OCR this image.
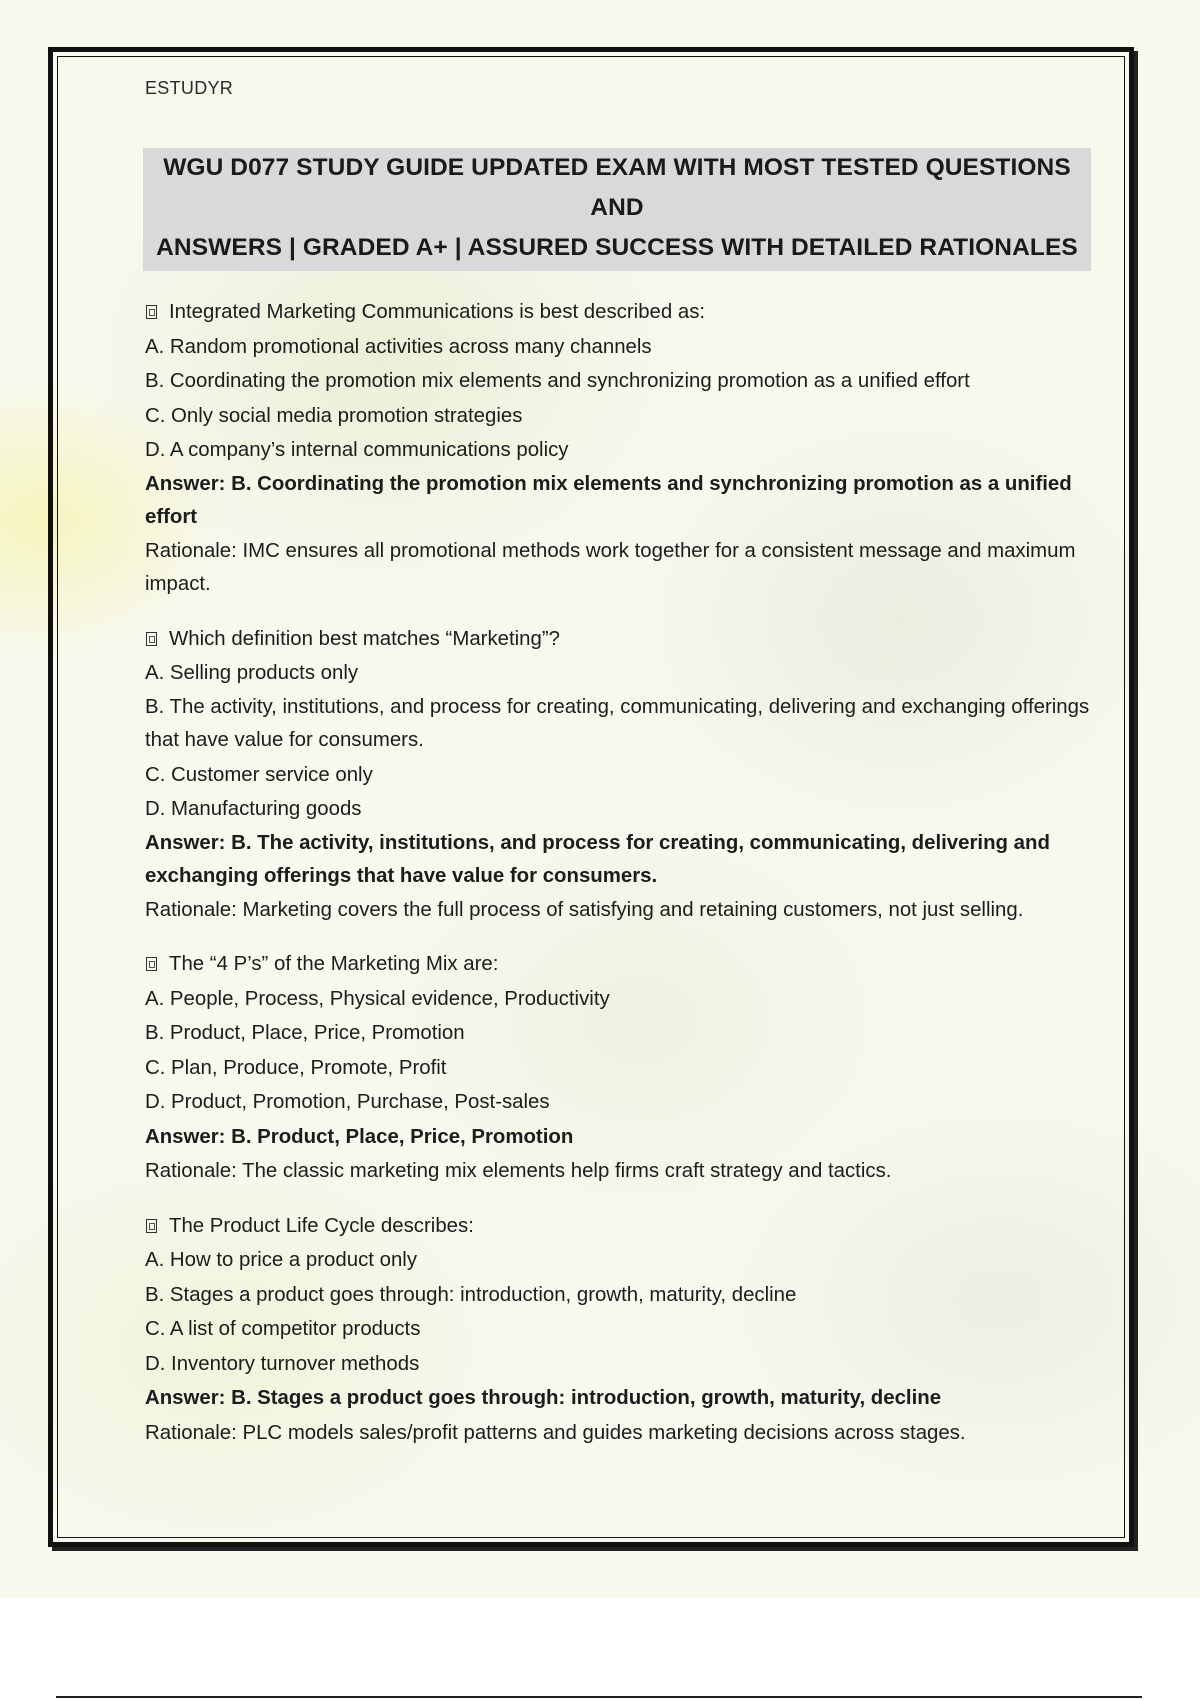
ESTUDYR
WGU D077 STUDY GUIDE UPDATED EXAM WITH MOST TESTED QUESTIONS AND
ANSWERS | GRADED A+ | ASSURED SUCCESS WITH DETAILED RATIONALES
Integrated Marketing Communications is best described as:
A. Random promotional activities across many channels
B. Coordinating the promotion mix elements and synchronizing promotion as a unified effort
C. Only social media promotion strategies
D. A company’s internal communications policy
Answer: B. Coordinating the promotion mix elements and synchronizing promotion as a unified effort
Rationale: IMC ensures all promotional methods work together for a consistent message and maximum impact.
Which definition best matches “Marketing”?
A. Selling products only
B. The activity, institutions, and process for creating, communicating, delivering and exchanging offerings that have value for consumers.
C. Customer service only
D. Manufacturing goods
Answer: B. The activity, institutions, and process for creating, communicating, delivering and exchanging offerings that have value for consumers.
Rationale: Marketing covers the full process of satisfying and retaining customers, not just selling.
The “4 P’s” of the Marketing Mix are:
A. People, Process, Physical evidence, Productivity
B. Product, Place, Price, Promotion
C. Plan, Produce, Promote, Profit
D. Product, Promotion, Purchase, Post-sales
Answer: B. Product, Place, Price, Promotion
Rationale: The classic marketing mix elements help firms craft strategy and tactics.
The Product Life Cycle describes:
A. How to price a product only
B. Stages a product goes through: introduction, growth, maturity, decline
C. A list of competitor products
D. Inventory turnover methods
Answer: B. Stages a product goes through: introduction, growth, maturity, decline
Rationale: PLC models sales/profit patterns and guides marketing decisions across stages.
